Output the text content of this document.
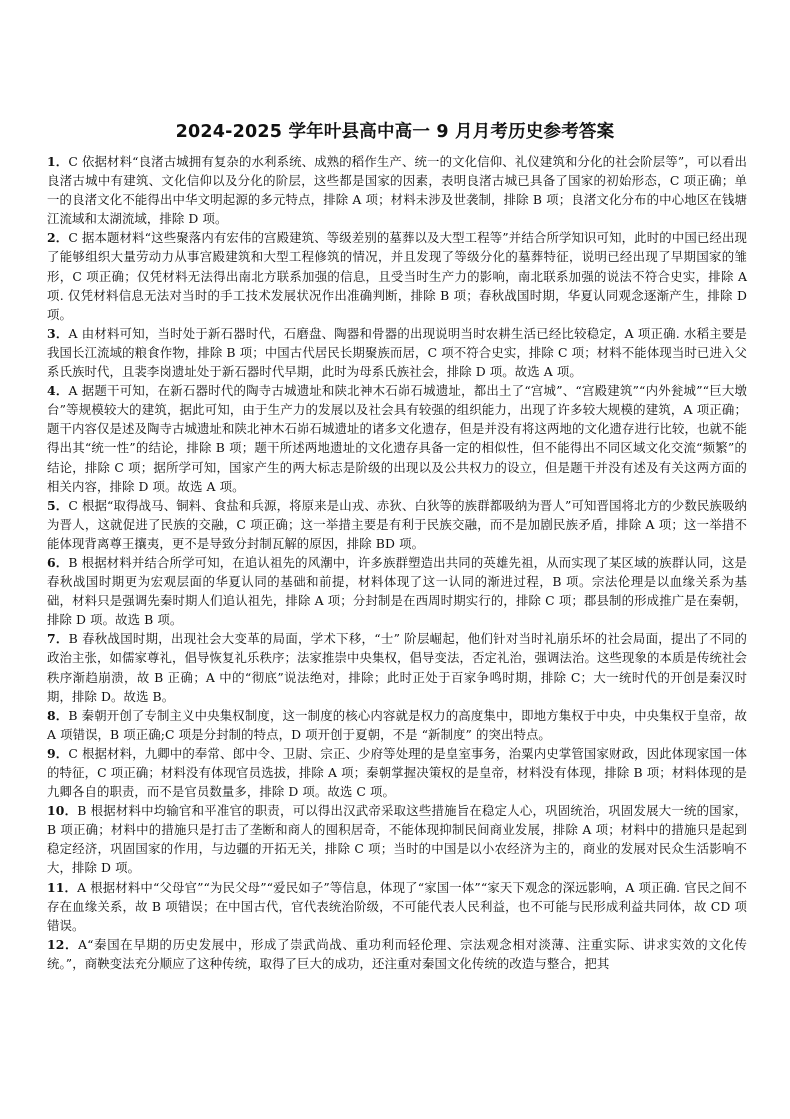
2024-2025 学年叶县高中高一 9 月月考历史参考答案

1．C 依据材料“良渚古城拥有复杂的水利系统、成熟的稻作生产、统一的文化信仰、礼仪建筑和分化的社会阶层等”，可以看出良渚古城中有建筑、文化信仰以及分化的阶层，这些都是国家的因素，表明良渚古城已具备了国家的初始形态，C 项正确；单一的良渚文化不能得出中华文明起源的多元特点，排除 A 项；材料未涉及世袭制，排除 B 项；良渚文化分布的中心地区在钱塘江流域和太湖流域，排除 D 项。

2．C 据本题材料“这些聚落内有宏伟的宫殿建筑、等级差别的墓葬以及大型工程等”并结合所学知识可知，此时的中国已经出现了能够组织大量劳动力从事宫殿建筑和大型工程修筑的情况，并且发现了等级分化的墓葬特征，说明已经出现了早期国家的雏形，C 项正确；仅凭材料无法得出南北方联系加强的信息，且受当时生产力的影响，南北联系加强的说法不符合史实，排除 A 项. 仅凭材料信息无法对当时的手工技术发展状况作出准确判断，排除 B 项；春秋战国时期，华夏认同观念逐渐产生，排除 D 项。

3．A 由材料可知，当时处于新石器时代，石磨盘、陶器和骨器的出现说明当时农耕生活已经比较稳定，A 项正确. 水稻主要是我国长江流域的粮食作物，排除 B 项；中国古代居民长期聚族而居，C 项不符合史实，排除 C 项；材料不能体现当时已进入父系氏族时代，且裴李岗遗址处于新石器时代早期，此时为母系氏族社会，排除 D 项。故选 A 项。

4．A 据题干可知，在新石器时代的陶寺古城遗址和陕北神木石峁石城遗址，都出土了“宫城”、“宫殿建筑”“内外瓮城”“巨大墩台”等规模较大的建筑，据此可知，由于生产力的发展以及社会具有较强的组织能力，出现了许多较大规模的建筑，A 项正确；题干内容仅是述及陶寺古城遗址和陕北神木石峁石城遗址的诸多文化遗存，但是并没有将这两地的文化遗存进行比较，也就不能得出其“统一性”的结论，排除 B 项；题干所述两地遗址的文化遗存具备一定的相似性，但不能得出不同区域文化交流“频繁”的结论，排除 C 项；据所学可知，国家产生的两大标志是阶级的出现以及公共权力的设立，但是题干并没有述及有关这两方面的相关内容，排除 D 项。故选 A 项。

5．C 根据“取得战马、铜料、食盐和兵源，将原来是山戎、赤狄、白狄等的族群都吸纳为晋人”可知晋国将北方的少数民族吸纳为晋人，这就促进了民族的交融，C 项正确；这一举措主要是有利于民族交融，而不是加剧民族矛盾，排除 A 项；这一举措不能体现背离尊王攘夷，更不是导致分封制瓦解的原因，排除 BD 项。

6．B 根据材料并结合所学可知，在追认祖先的风潮中，许多族群塑造出共同的英雄先祖，从而实现了某区域的族群认同，这是春秋战国时期更为宏观层面的华夏认同的基础和前提，材料体现了这一认同的渐进过程，B 项。宗法伦理是以血缘关系为基础，材料只是强调先秦时期人们追认祖先，排除 A 项；分封制是在西周时期实行的，排除 C 项；郡县制的形成推广是在秦朝，排除 D 项。故选 B 项。

7．B 春秋战国时期，出现社会大变革的局面，学术下移，“士” 阶层崛起，他们针对当时礼崩乐坏的社会局面，提出了不同的政治主张，如儒家尊礼，倡导恢复礼乐秩序；法家推崇中央集权，倡导变法，否定礼治，强调法治。这些现象的本质是传统社会秩序渐趋崩溃，故 B 正确；A 中的“彻底”说法绝对，排除；此时正处于百家争鸣时期，排除 C；大一统时代的开创是秦汉时期，排除 D。故选 B。

8．B 秦朝开创了专制主义中央集权制度，这一制度的核心内容就是权力的高度集中，即地方集权于中央，中央集权于皇帝，故 A 项错误，B 项正确;C 项是分封制的特点，D 项开创于夏朝，不是 “新制度” 的突出特点。

9．C 根据材料，九卿中的奉常、郎中令、卫尉、宗正、少府等处理的是皇室事务，治粟内史掌管国家财政，因此体现家国一体的特征，C 项正确；材料没有体现官员选拔，排除 A 项；秦朝掌握决策权的是皇帝，材料没有体现，排除 B 项；材料体现的是九卿各自的职责，而不是官员数量多，排除 D 项。故选 C 项。

10．B 根据材料中均输官和平准官的职责，可以得出汉武帝采取这些措施旨在稳定人心，巩固统治，巩固发展大一统的国家，B 项正确；材料中的措施只是打击了垄断和商人的囤积居奇，不能体现抑制民间商业发展，排除 A 项；材料中的措施只是起到稳定经济，巩固国家的作用，与边疆的开拓无关，排除 C 项；当时的中国是以小农经济为主的，商业的发展对民众生活影响不大，排除 D 项。

11．A 根据材料中“父母官”“为民父母”“爱民如子”等信息，体现了“家国一体”“家天下观念的深远影响，A 项正确. 官民之间不存在血缘关系，故 B 项错误；在中国古代，官代表统治阶级，不可能代表人民利益，也不可能与民形成利益共同体，故 CD 项错误。

12．A“秦国在早期的历史发展中，形成了崇武尚战、重功利而轻伦理、宗法观念相对淡薄、注重实际、讲求实效的文化传统。”，商鞅变法充分顺应了这种传统，取得了巨大的成功，还注重对秦国文化传统的改造与整合，把其
